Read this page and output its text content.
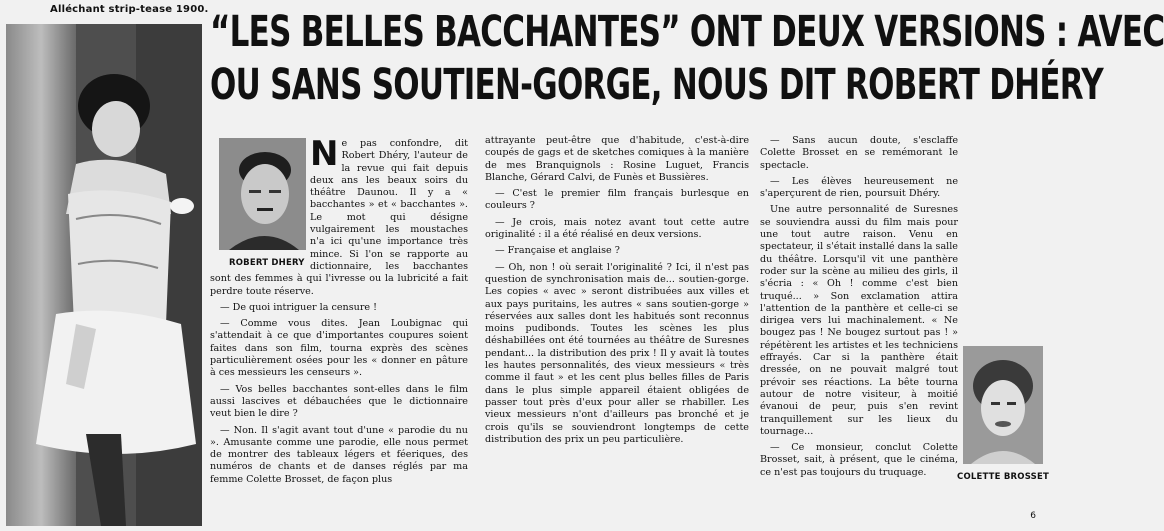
Alléchant strip-tease 1900. “LES BELLES BACCHANTES” ONT DEUX VERSIONS : AVEC
OU SANS SOUTIEN-GORGE, NOUS DIT ROBERT DHÉRY
ROBERT DHERY
COLETTE BROSSET

Ne pas confondre, dit Robert Dhéry, l'auteur de la revue qui fait depuis deux ans les beaux soirs du théâtre Daunou. Il y a « bacchantes » et « bacchantes ». Le mot qui désigne vulgairement les moustaches n'a ici qu'une importance très mince. Si l'on se rapporte au dictionnaire, les bacchantes sont des femmes à qui l'ivresse ou la lubricité a fait perdre toute réserve.

— De quoi intriguer la censure !

— Comme vous dites. Jean Loubignac qui s'attendait à ce que d'importantes coupures soient faites dans son film, tourna exprès des scènes particulièrement osées pour les « donner en pâture à ces messieurs les censeurs ».

— Vos belles bacchantes sont-elles dans le film aussi lascives et débauchées que le dictionnaire veut bien le dire ?

— Non. Il s'agit avant tout d'une « parodie du nu ». Amusante comme une parodie, elle nous permet de montrer des tableaux légers et féeriques, des numéros de chants et de danses réglés par ma femme Colette Brosset, de façon plus

attrayante peut-être que d'habitude, c'est-à-dire coupés de gags et de sketches comiques à la manière de mes Branquignols : Rosine Luguet, Francis Blanche, Gérard Calvi, de Funès et Bussières.

— C'est le premier film français burlesque en couleurs ?

— Je crois, mais notez avant tout cette autre originalité : il a été réalisé en deux versions.

— Française et anglaise ?

— Oh, non ! où serait l'originalité ? Ici, il n'est pas question de synchronisation mais de... soutien-gorge. Les copies « avec » seront distribuées aux villes et aux pays puritains, les autres « sans soutien-gorge » réservées aux salles dont les habitués sont reconnus moins pudibonds. Toutes les scènes les plus déshabillées ont été tournées au théâtre de Suresnes pendant... la distribution des prix ! Il y avait là toutes les hautes personnalités, des vieux messieurs « très comme il faut » et les cent plus belles filles de Paris dans le plus simple appareil étaient obligées de passer tout près d'eux pour aller se rhabiller. Les vieux messieurs n'ont d'ailleurs pas bronché et je crois qu'ils se souviendront longtemps de cette distribution des prix un peu particulière.

— Sans aucun doute, s'esclaffe Colette Brosset en se remémorant le spectacle.

— Les élèves heureusement ne s'aperçurent de rien, poursuit Dhéry.

Une autre personnalité de Suresnes se souviendra aussi du film mais pour une tout autre raison. Venu en spectateur, il s'était installé dans la salle du théâtre. Lorsqu'il vit une panthère roder sur la scène au milieu des girls, il s'écria : « Oh ! comme c'est bien truqué... » Son exclamation attira l'attention de la panthère et celle-ci se dirigea vers lui machinalement. « Ne bougez pas ! Ne bougez surtout pas ! » répétèrent les artistes et les techniciens effrayés. Car si la panthère était dressée, on ne pouvait malgré tout prévoir ses réactions. La bête tourna autour de notre visiteur, à moitié évanoui de peur, puis s'en revint tranquillement sur les lieux du tournage...

— Ce monsieur, conclut Colette Brosset, sait, à présent, que le cinéma, ce n'est pas toujours du truquage.

6
